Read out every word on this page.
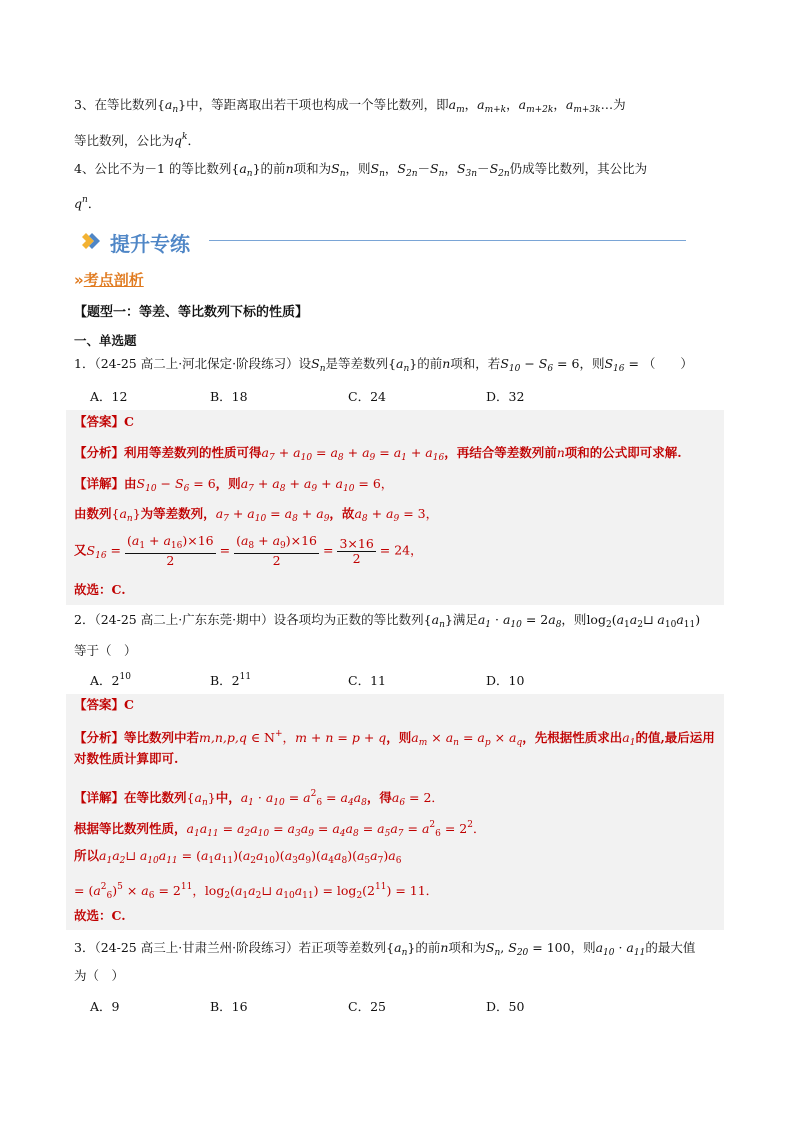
3、在等比数列$\{a_n\}$中，等距离取出若干项也构成一个等比数列，即$a_m$，$a_{m+k}$，$a_{m+2k}$，$a_{m+3k}\dots$为
等比数列，公比为$q^k$．
4、公比不为－1 的等比数列$\{a_n\}$的前n项和为$S_n$，则$S_n$，$S_{2n}-S_n$，$S_{3n}-S_{2n}$仍成等比数列，其公比为
$q^n$．
提升专练
»考点剖析
【题型一：等差、等比数列下标的性质】
一、单选题
1．（24-25 高二上·河北保定·阶段练习）设$S_n$是等差数列$\{a_n\}$的前n项和，若$S_{10} - S_6 = 6$，则$S_{16}$ = （　　）
A．12	B．18	C．24	D．32
【答案】C
【分析】利用等差数列的性质可得$a_7 + a_{10} = a_8 + a_9 = a_1 + a_{16}$，再结合等差数列前n项和的公式即可求解.
【详解】由$S_{10} - S_6 = 6$，则$a_7 + a_8 + a_9 + a_{10} = 6$，
由数列$\{a_n\}$为等差数列，$a_7 + a_{10} = a_8 + a_9$，故$a_8 + a_9 = 3$，
又$S_{16} = \frac{(a_1 + a_{16})\times 16}{2} = \frac{(a_8 + a_9)\times 16}{2} = \frac{3\times 16}{2} = 24$，
故选：C.
2．（24-25 高二上·广东东莞·期中）设各项均为正数的等比数列$\{a_n\}$满足$a_1 \cdot a_{10} = 2a_8$，则$\log_2(a_1a_2⊔$ $a_{10}a_{11}$)
等于（　）
A．$2^{10}$	B．$2^{11}$	C．11	D．10
【答案】C
【分析】等比数列中若m,n,p,q ∈ N+，m + n = p + q，则$a_m \times a_n = a_p \times a_q$，先根据性质求出$a_1$的值,最后运用
对数性质计算即可.
【详解】在等比数列$\{a_n\}$中，$a_1 \cdot a_{10} = a^2_6 = a_4a_8$，得$a_6 = 2$．
根据等比数列性质，$a_1a_{11} = a_2a_{10} = a_3a_9 = a_4a_8 = a_5a_7 = a^2_6 = 2^2$．
所以$a_1a_2⊔$ $a_{10}a_{11} = (a_1a_{11})(a_2a_{10})(a_3a_9)(a_4a_8)(a_5a_7)a_6$
= $(a^2_6)^5 \times a_6 = 2^{11}$，$\log_2(a_1a_2⊔$ $a_{10}a_{11}) = \log_2(2^{11}) = 11$．
故选：C.
3．（24-25 高三上·甘肃兰州·阶段练习）若正项等差数列$\{a_n\}$的前n项和为$S_n$, $S_{20} = 100$，则$a_{10} \cdot a_{11}$的最大值
为（　）
A．9	B．16	C．25	D．50
